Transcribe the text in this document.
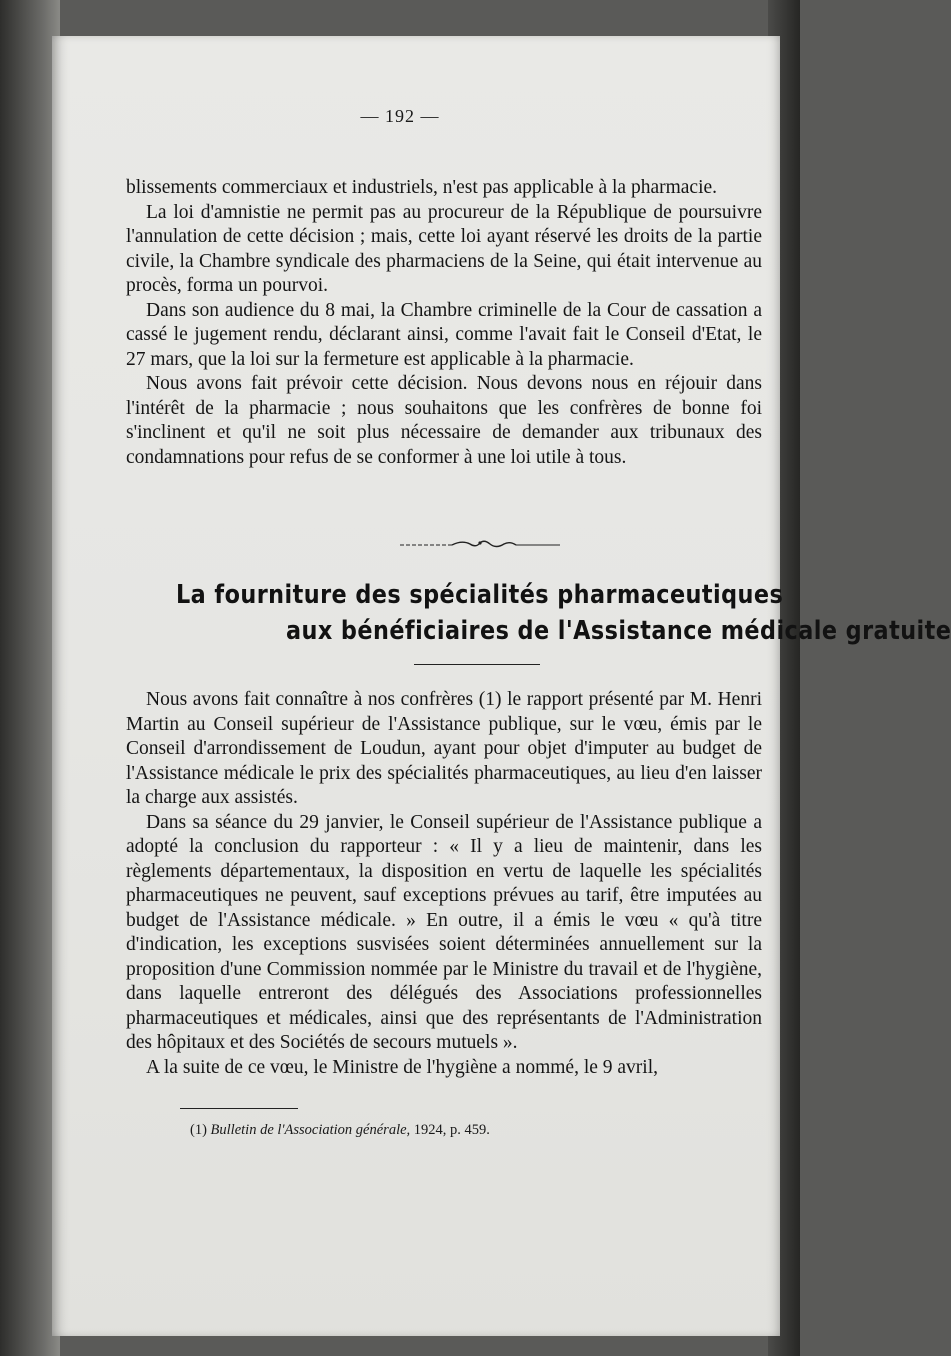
— 192 —

blissements commerciaux et industriels, n'est pas applicable à la pharmacie.

La loi d'amnistie ne permit pas au procureur de la République de poursuivre l'annulation de cette décision ; mais, cette loi ayant réservé les droits de la partie civile, la Chambre syndicale des pharmaciens de la Seine, qui était intervenue au procès, forma un pourvoi.

Dans son audience du 8 mai, la Chambre criminelle de la Cour de cassation a cassé le jugement rendu, déclarant ainsi, comme l'avait fait le Conseil d'Etat, le 27 mars, que la loi sur la fermeture est applicable à la pharmacie.

Nous avons fait prévoir cette décision. Nous devons nous en réjouir dans l'intérêt de la pharmacie ; nous souhaitons que les confrères de bonne foi s'inclinent et qu'il ne soit plus nécessaire de demander aux tribunaux des condamnations pour refus de se conformer à une loi utile à tous.

La fourniture des spécialités pharmaceutiques
aux bénéficiaires de l'Assistance médicale gratuite

Nous avons fait connaître à nos confrères (1) le rapport présenté par M. Henri Martin au Conseil supérieur de l'Assistance publique, sur le vœu, émis par le Conseil d'arrondissement de Loudun, ayant pour objet d'imputer au budget de l'Assistance médicale le prix des spécialités pharmaceutiques, au lieu d'en laisser la charge aux assistés.

Dans sa séance du 29 janvier, le Conseil supérieur de l'Assistance publique a adopté la conclusion du rapporteur : « Il y a lieu de maintenir, dans les règlements départementaux, la disposition en vertu de laquelle les spécialités pharmaceutiques ne peuvent, sauf exceptions prévues au tarif, être imputées au budget de l'Assistance médicale. » En outre, il a émis le vœu « qu'à titre d'indication, les exceptions susvisées soient déterminées annuellement sur la proposition d'une Commission nommée par le Ministre du travail et de l'hygiène, dans laquelle entreront des délégués des Associations professionnelles pharmaceutiques et médicales, ainsi que des représentants de l'Administration des hôpitaux et des Sociétés de secours mutuels ».

A la suite de ce vœu, le Ministre de l'hygiène a nommé, le 9 avril,

(1) Bulletin de l'Association générale, 1924, p. 459.
